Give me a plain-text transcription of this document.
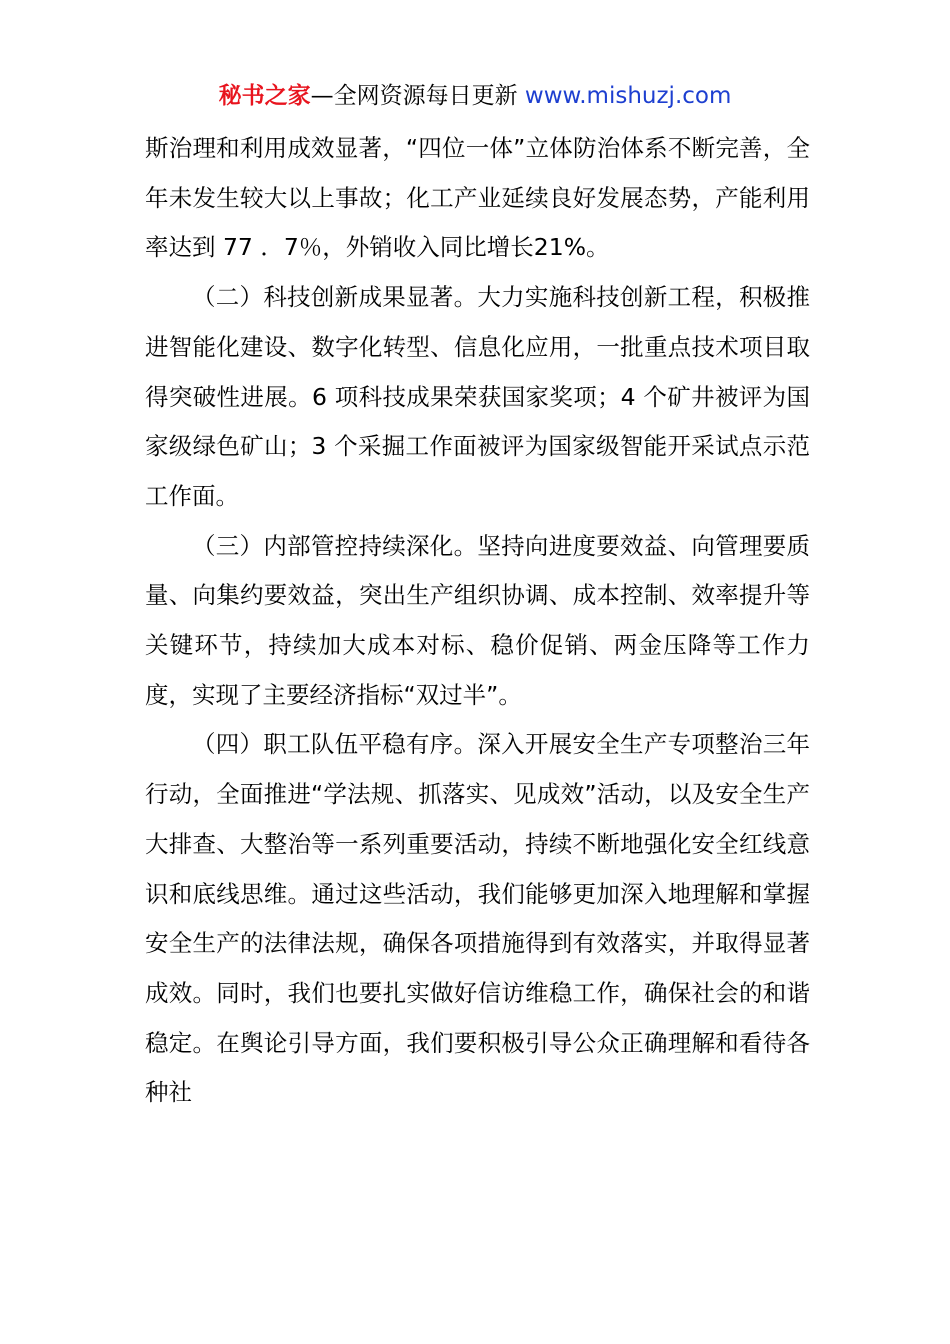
秘书之家—全网资源每日更新 www.mishuzj.com

斯治理和利用成效显著，“四位一体”立体防治体系不断完善，全年未发生较大以上事故；化工产业延续良好发展态势，产能利用率达到 77 ．7％，外销收入同比增长21%。

（二）科技创新成果显著。大力实施科技创新工程，积极推进智能化建设、数字化转型、信息化应用，一批重点技术项目取得突破性进展。6 项科技成果荣获国家奖项；4 个矿井被评为国家级绿色矿山；3 个采掘工作面被评为国家级智能开采试点示范工作面。

（三）内部管控持续深化。坚持向进度要效益、向管理要质量、向集约要效益，突出生产组织协调、成本控制、效率提升等关键环节，持续加大成本对标、稳价促销、两金压降等工作力度，实现了主要经济指标“双过半”。

（四）职工队伍平稳有序。深入开展安全生产专项整治三年行动，全面推进“学法规、抓落实、见成效”活动，以及安全生产大排查、大整治等一系列重要活动，持续不断地强化安全红线意识和底线思维。通过这些活动，我们能够更加深入地理解和掌握安全生产的法律法规，确保各项措施得到有效落实，并取得显著成效。同时，我们也要扎实做好信访维稳工作，确保社会的和谐稳定。在舆论引导方面，我们要积极引导公众正确理解和看待各种社
